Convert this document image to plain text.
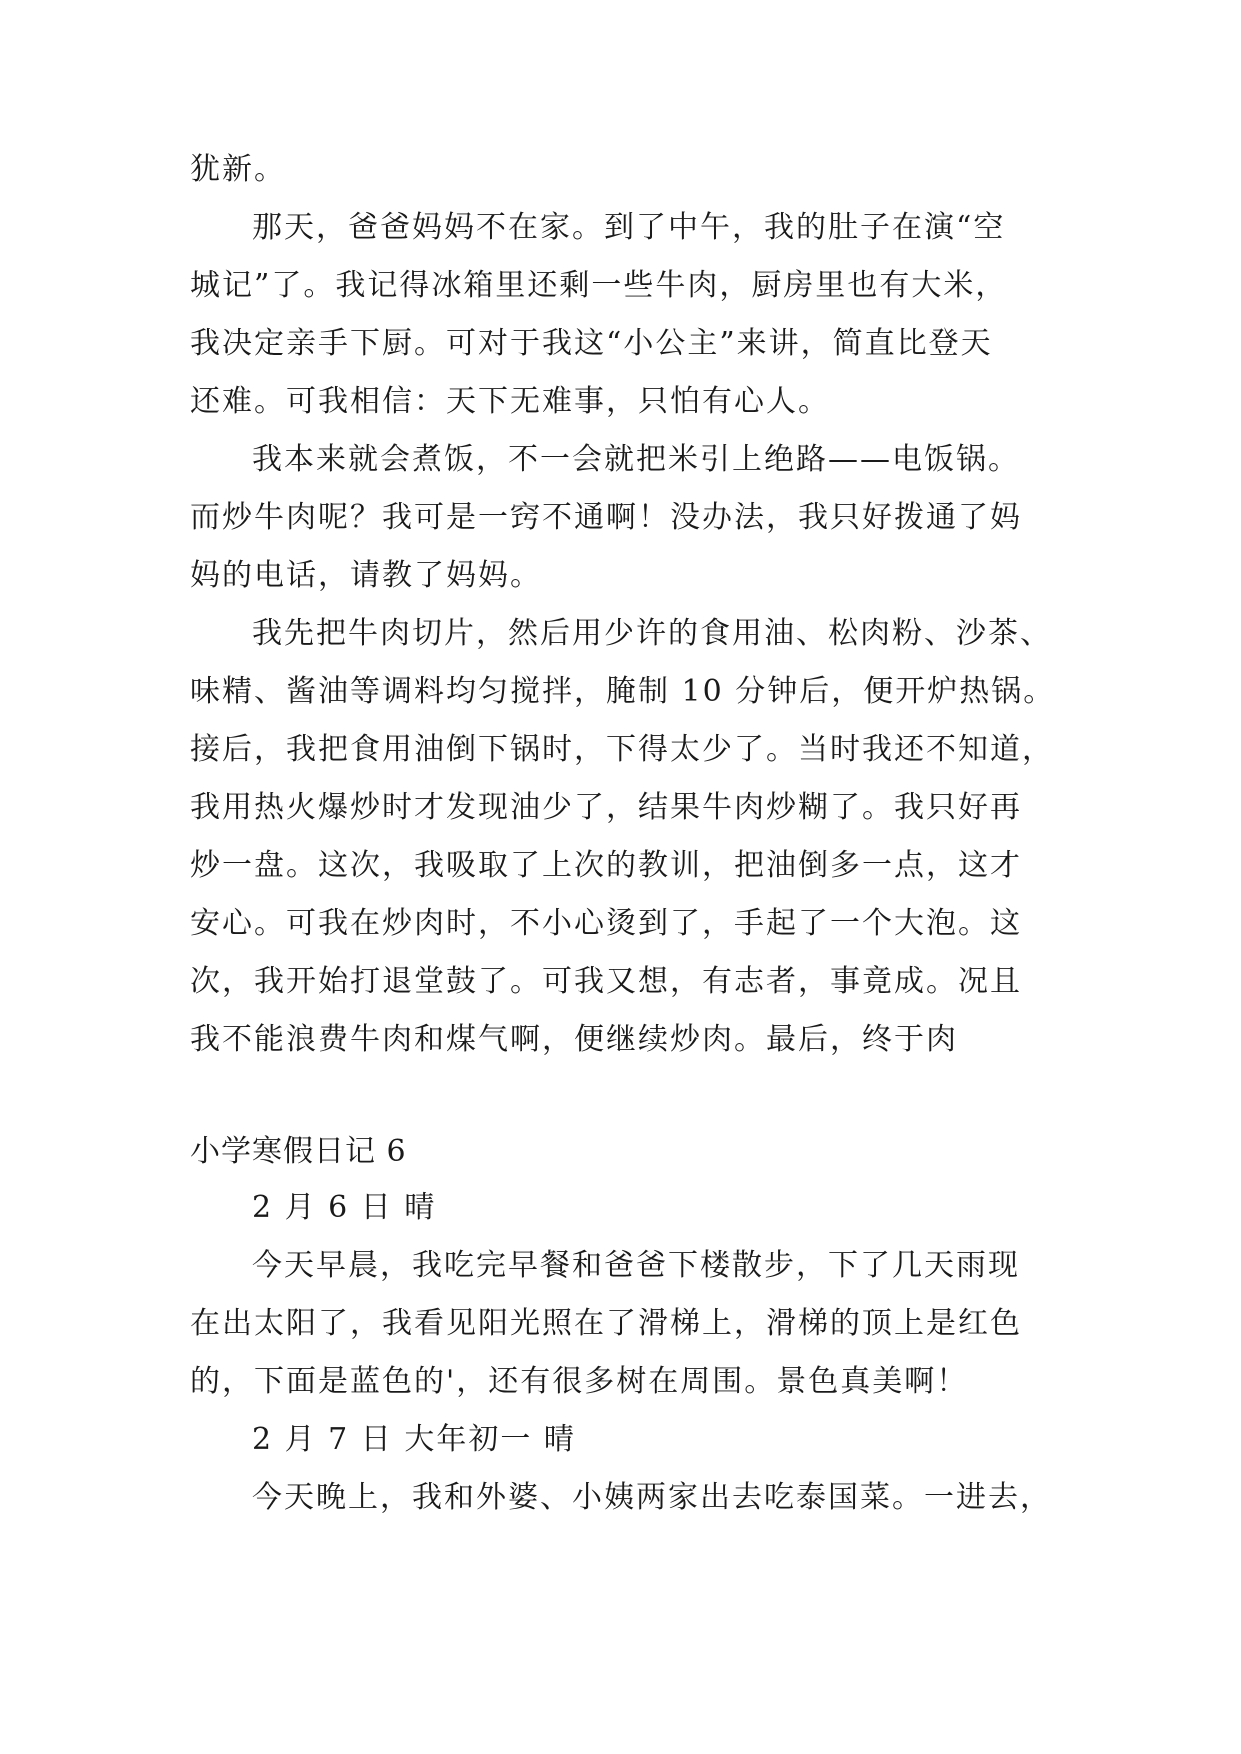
犹新。
那天，爸爸妈妈不在家。到了中午，我的肚子在演“空
城记”了。我记得冰箱里还剩一些牛肉，厨房里也有大米，
我决定亲手下厨。可对于我这“小公主”来讲，简直比登天
还难。可我相信：天下无难事，只怕有心人。
我本来就会煮饭，不一会就把米引上绝路——电饭锅。
而炒牛肉呢？我可是一窍不通啊！没办法，我只好拨通了妈
妈的电话，请教了妈妈。
我先把牛肉切片，然后用少许的食用油、松肉粉、沙茶、
味精、酱油等调料均匀搅拌，腌制 10 分钟后，便开炉热锅。
接后，我把食用油倒下锅时，下得太少了。当时我还不知道，
我用热火爆炒时才发现油少了，结果牛肉炒糊了。我只好再
炒一盘。这次，我吸取了上次的教训，把油倒多一点，这才
安心。可我在炒肉时，不小心烫到了，手起了一个大泡。这
次，我开始打退堂鼓了。可我又想，有志者，事竟成。况且
我不能浪费牛肉和煤气啊，便继续炒肉。最后，终于肉
小学寒假日记 6
2 月 6 日 晴
今天早晨，我吃完早餐和爸爸下楼散步，下了几天雨现
在出太阳了，我看见阳光照在了滑梯上，滑梯的顶上是红色
的，下面是蓝色的'，还有很多树在周围。景色真美啊！
2 月 7 日 大年初一 晴
今天晚上，我和外婆、小姨两家出去吃泰国菜。一进去，
